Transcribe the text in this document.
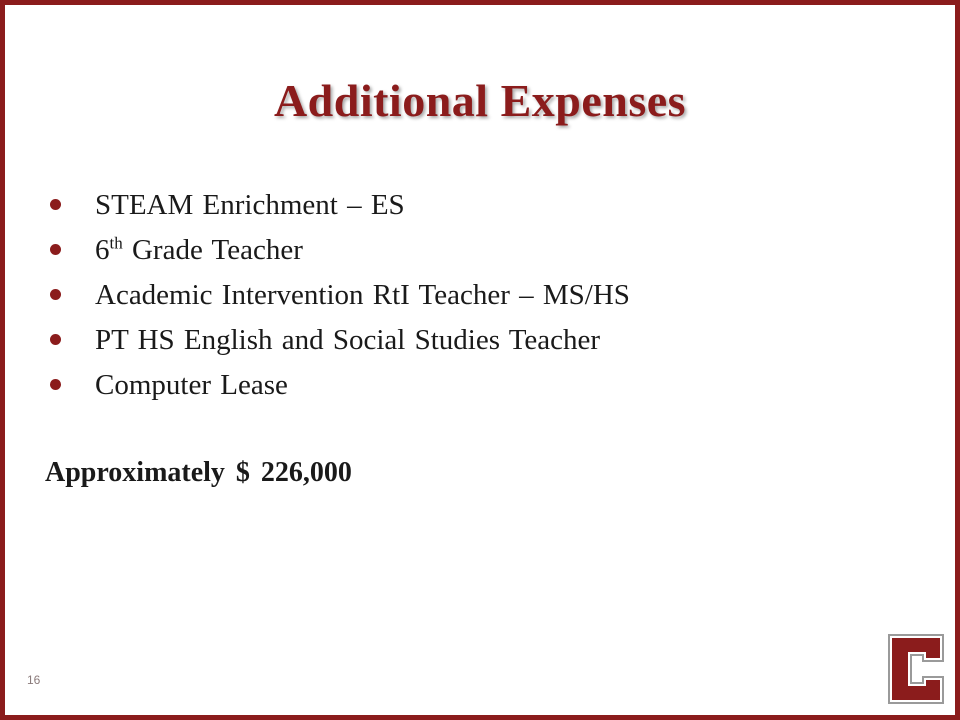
Additional Expenses
STEAM Enrichment – ES
6th Grade Teacher
Academic Intervention RtI Teacher – MS/HS
PT HS English and Social Studies Teacher
Computer Lease
Approximately $ 226,000
16
